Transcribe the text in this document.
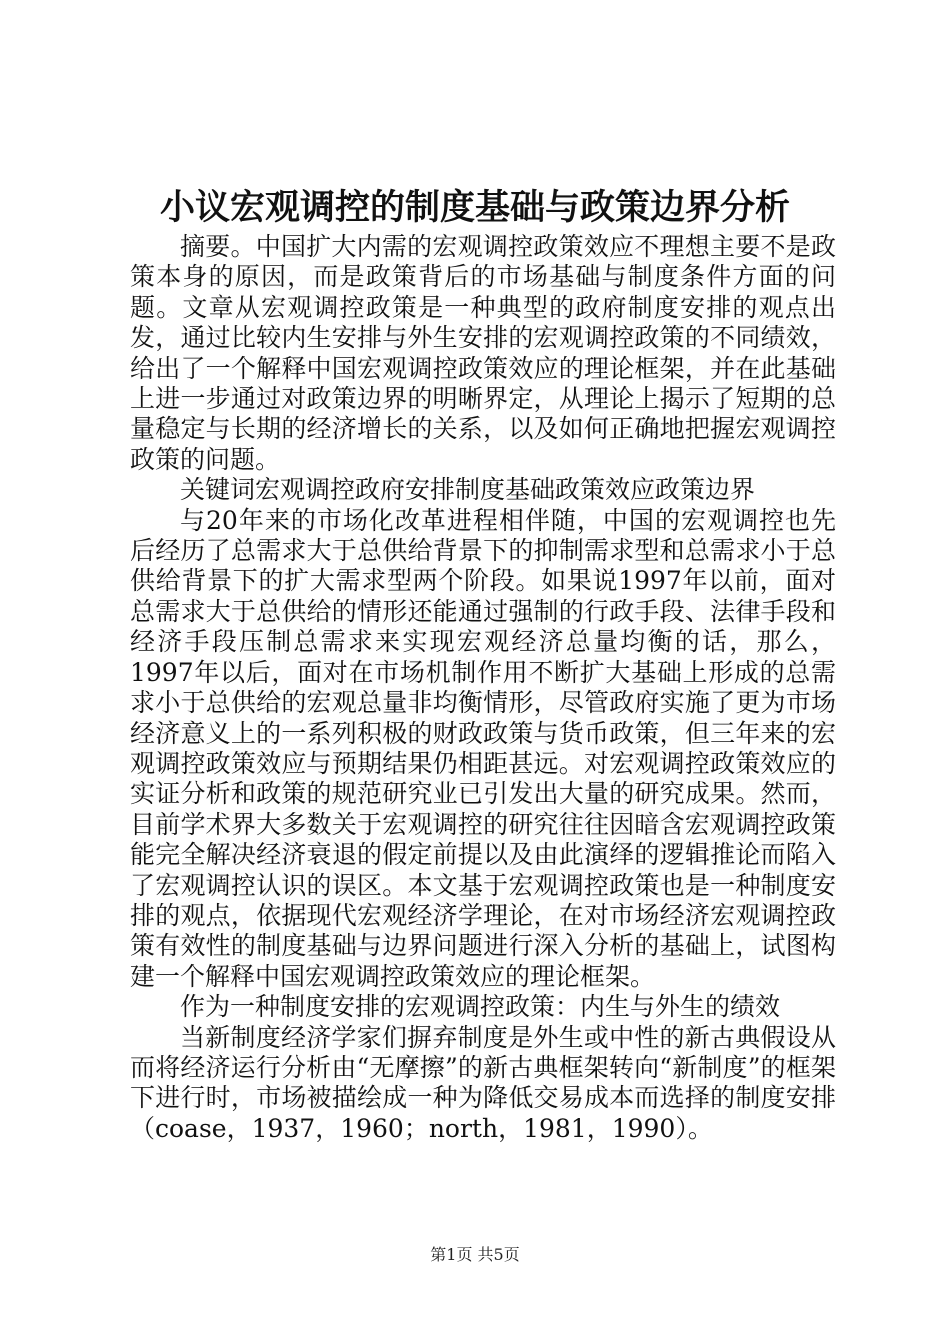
小议宏观调控的制度基础与政策边界分析

摘要。中国扩大内需的宏观调控政策效应不理想主要不是政策本身的原因，而是政策背后的市场基础与制度条件方面的问题。文章从宏观调控政策是一种典型的政府制度安排的观点出发，通过比较内生安排与外生安排的宏观调控政策的不同绩效，给出了一个解释中国宏观调控政策效应的理论框架，并在此基础上进一步通过对政策边界的明晰界定，从理论上揭示了短期的总量稳定与长期的经济增长的关系，以及如何正确地把握宏观调控政策的问题。

关键词宏观调控政府安排制度基础政策效应政策边界

与20年来的市场化改革进程相伴随，中国的宏观调控也先后经历了总需求大于总供给背景下的抑制需求型和总需求小于总供给背景下的扩大需求型两个阶段。如果说1997年以前，面对总需求大于总供给的情形还能通过强制的行政手段、法律手段和经济手段压制总需求来实现宏观经济总量均衡的话，那么，1997年以后，面对在市场机制作用不断扩大基础上形成的总需求小于总供给的宏观总量非均衡情形，尽管政府实施了更为市场经济意义上的一系列积极的财政政策与货币政策，但三年来的宏观调控政策效应与预期结果仍相距甚远。对宏观调控政策效应的实证分析和政策的规范研究业已引发出大量的研究成果。然而，目前学术界大多数关于宏观调控的研究往往因暗含宏观调控政策能完全解决经济衰退的假定前提以及由此演绎的逻辑推论而陷入了宏观调控认识的误区。本文基于宏观调控政策也是一种制度安排的观点，依据现代宏观经济学理论，在对市场经济宏观调控政策有效性的制度基础与边界问题进行深入分析的基础上，试图构建一个解释中国宏观调控政策效应的理论框架。

作为一种制度安排的宏观调控政策：内生与外生的绩效

当新制度经济学家们摒弃制度是外生或中性的新古典假设从而将经济运行分析由“无摩擦”的新古典框架转向“新制度”的框架下进行时，市场被描绘成一种为降低交易成本而选择的制度安排（coase，1937，1960；north，1981，1990）。

第1页 共5页
